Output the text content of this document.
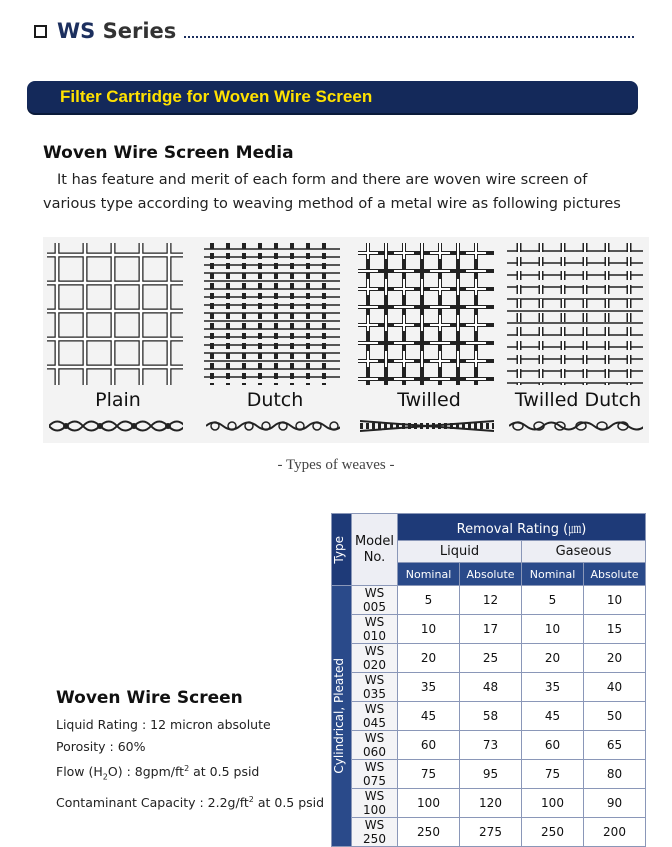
WS Series
Filter Cartridge for Woven Wire Screen
Woven Wire Screen Media
It has feature and merit of each form and there are woven wire screen of various type according to weaving method of a metal wire as following pictures
Plain	Dutch	Twilled	Twilled Dutch
- Types of weaves -
Type	Model No.	Removal Rating (㎛)			
		Liquid		Gaseous	
		Nominal	Absolute	Nominal	Absolute

Cylindrical, Pleated	WS 005	5	12	5	10
	WS 010	10	17	10	15
	WS 020	20	25	20	20
	WS 035	35	48	35	40
	WS 045	45	58	45	50
	WS 060	60	73	60	65
	WS 075	75	95	75	80
	WS 100	100	120	100	90
	WS 250	250	275	250	200
Woven Wire Screen
Liquid Rating : 12 micron absolute
Porosity : 60%
Flow $(H_2O)$ : $8gpm/ft^2$ at 0.5 psid
Contaminant Capacity : $2.2g/ft^2$ at 0.5 psid
